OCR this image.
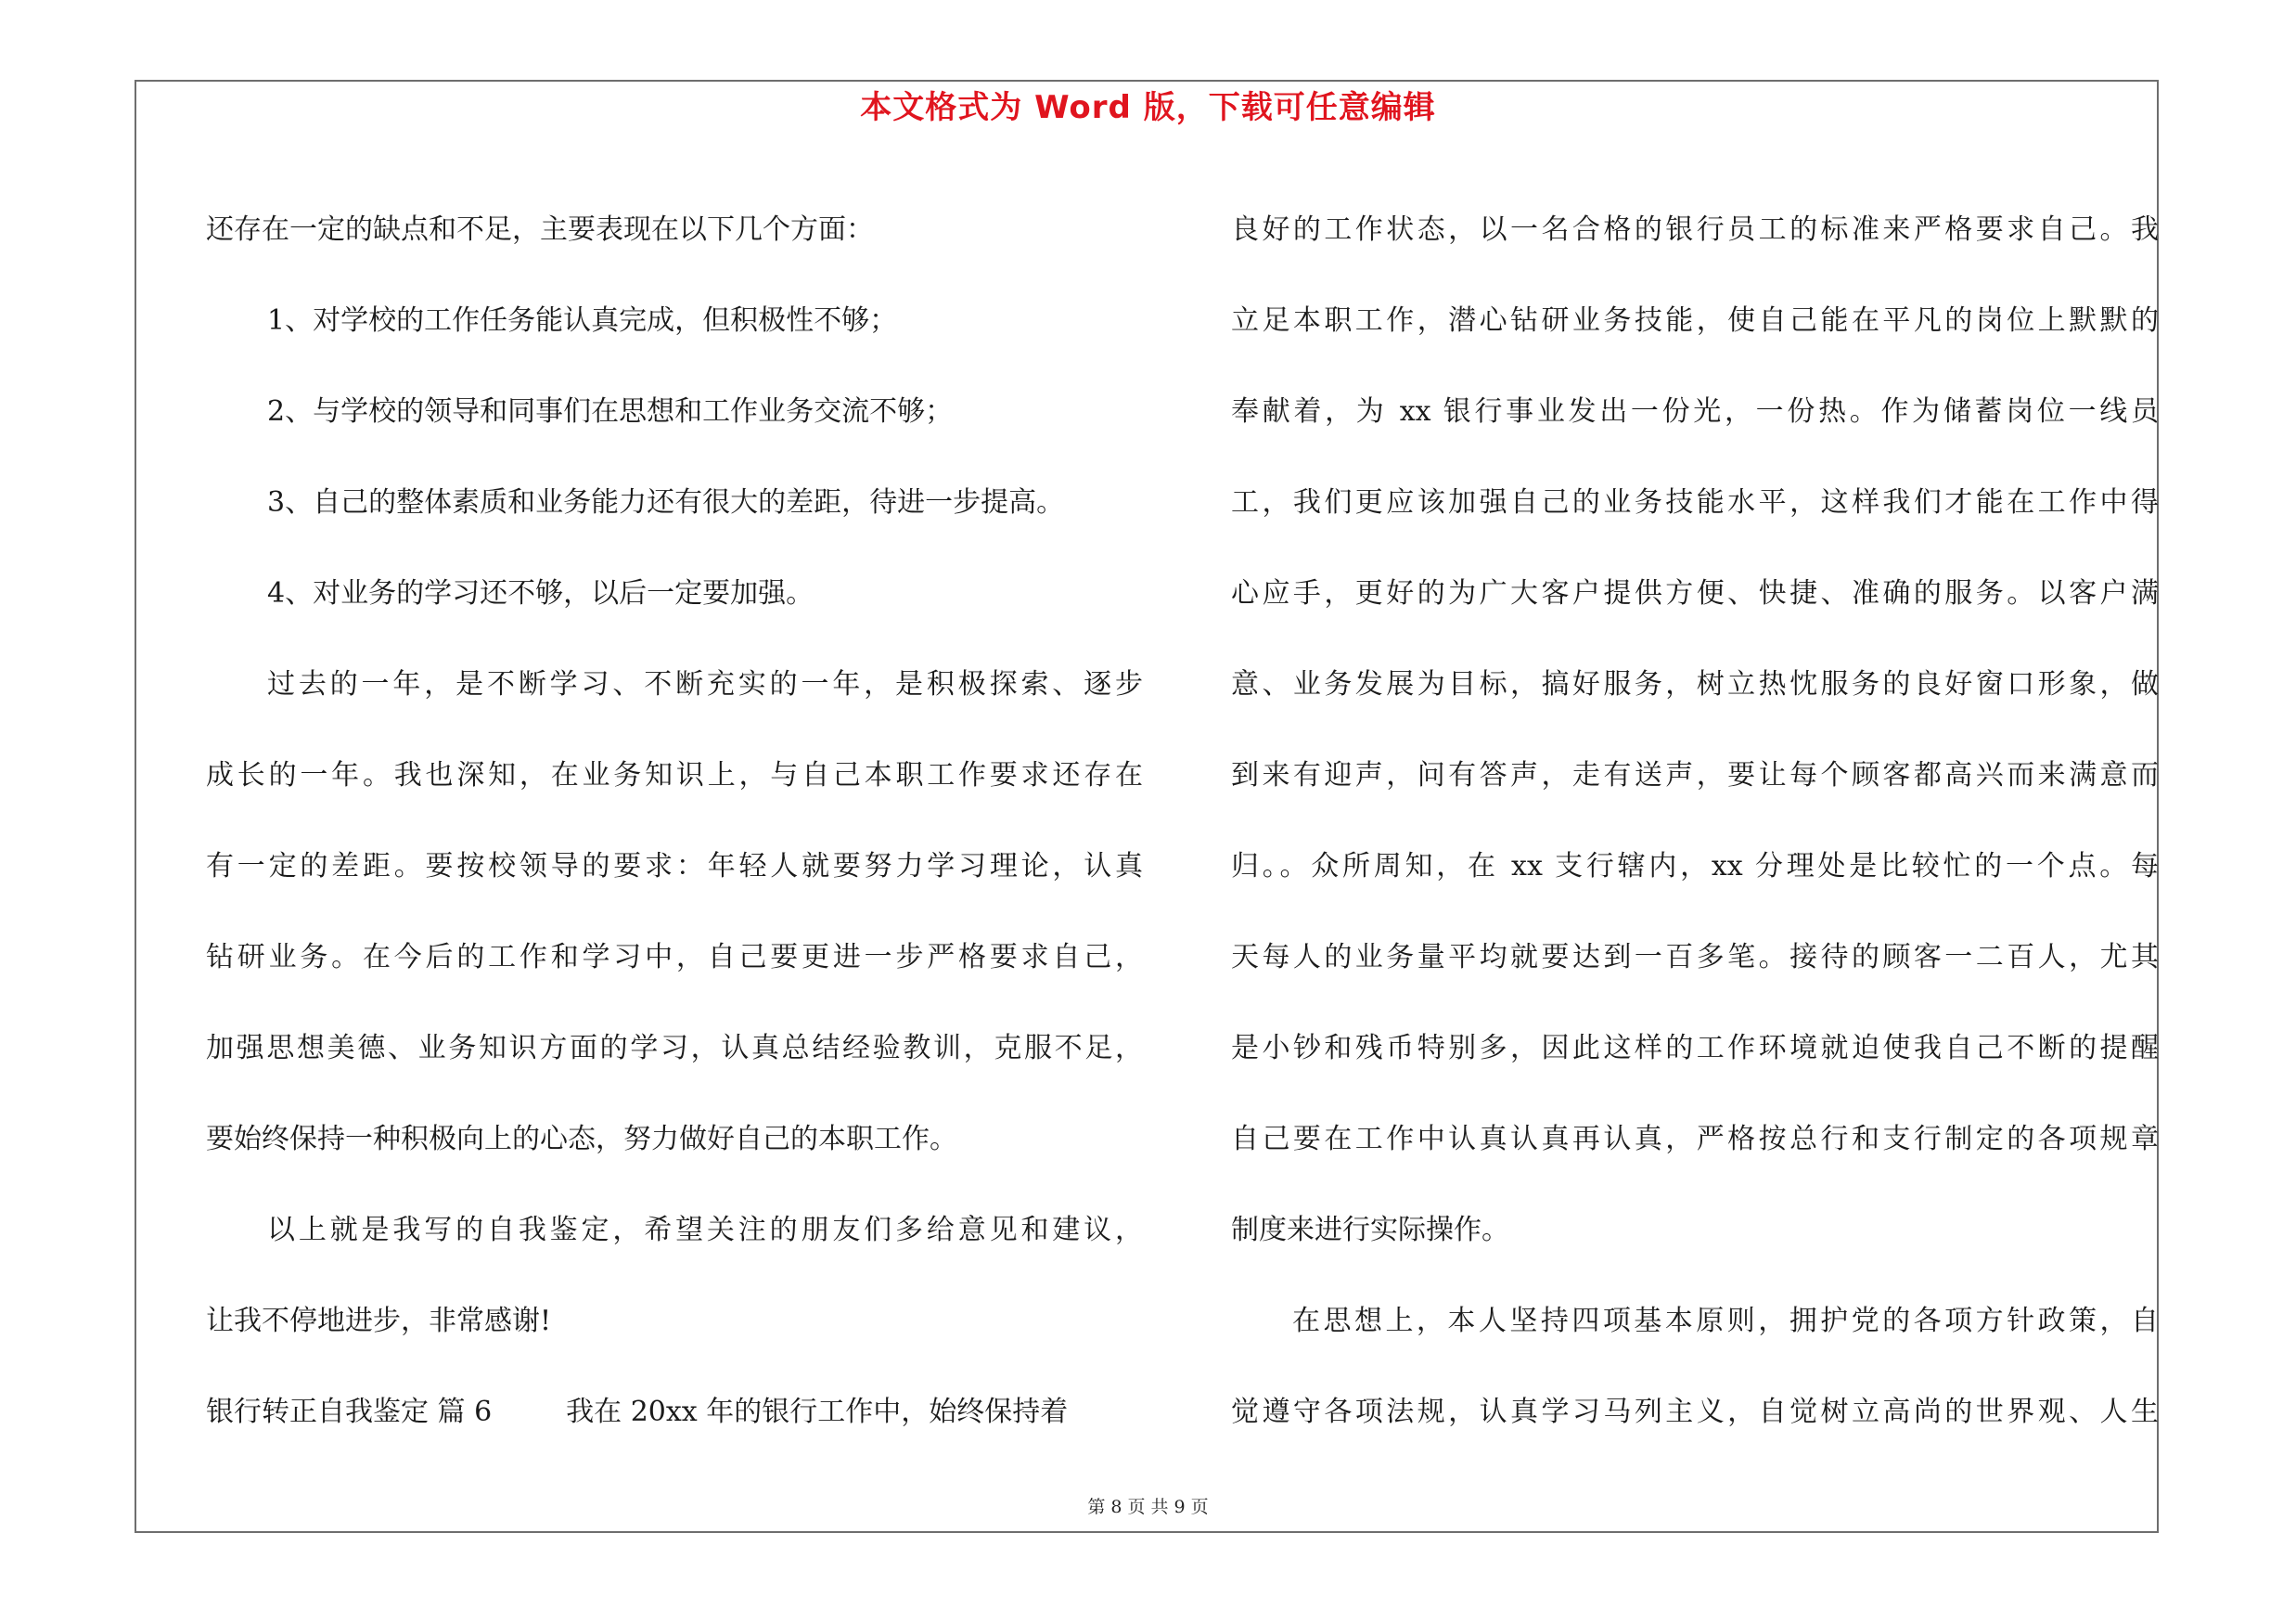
本文格式为 Word 版，下载可任意编辑
还存在一定的缺点和不足，主要表现在以下几个方面：
1、对学校的工作任务能认真完成，但积极性不够；
2、与学校的领导和同事们在思想和工作业务交流不够；
3、自己的整体素质和业务能力还有很大的差距，待进一步提高。
4、对业务的学习还不够，以后一定要加强。
过去的一年，是不断学习、不断充实的一年，是积极探索、逐步
成长的一年。我也深知，在业务知识上，与自己本职工作要求还存在
有一定的差距。要按校领导的要求：年轻人就要努力学习理论，认真
钻研业务。在今后的工作和学习中，自己要更进一步严格要求自己，
加强思想美德、业务知识方面的学习，认真总结经验教训，克服不足，
要始终保持一种积极向上的心态，努力做好自己的本职工作。
以上就是我写的自我鉴定，希望关注的朋友们多给意见和建议，
让我不停地进步，非常感谢!
银行转正自我鉴定 篇 6	我在 20xx 年的银行工作中，始终保持着
良好的工作状态，以一名合格的银行员工的标准来严格要求自己。我
立足本职工作，潜心钻研业务技能，使自己能在平凡的岗位上默默的
奉献着，为 xx 银行事业发出一份光，一份热。作为储蓄岗位一线员
工，我们更应该加强自己的业务技能水平，这样我们才能在工作中得
心应手，更好的为广大客户提供方便、快捷、准确的服务。以客户满
意、业务发展为目标，搞好服务，树立热忱服务的良好窗口形象，做
到来有迎声，问有答声，走有送声，要让每个顾客都高兴而来满意而
归。。众所周知，在 xx 支行辖内，xx 分理处是比较忙的一个点。每
天每人的业务量平均就要达到一百多笔。接待的顾客一二百人，尤其
是小钞和残币特别多，因此这样的工作环境就迫使我自己不断的提醒
自己要在工作中认真认真再认真，严格按总行和支行制定的各项规章
制度来进行实际操作。
在思想上，本人坚持四项基本原则，拥护党的各项方针政策，自
觉遵守各项法规，认真学习马列主义，自觉树立高尚的世界观、人生
第 8 页 共 9 页
